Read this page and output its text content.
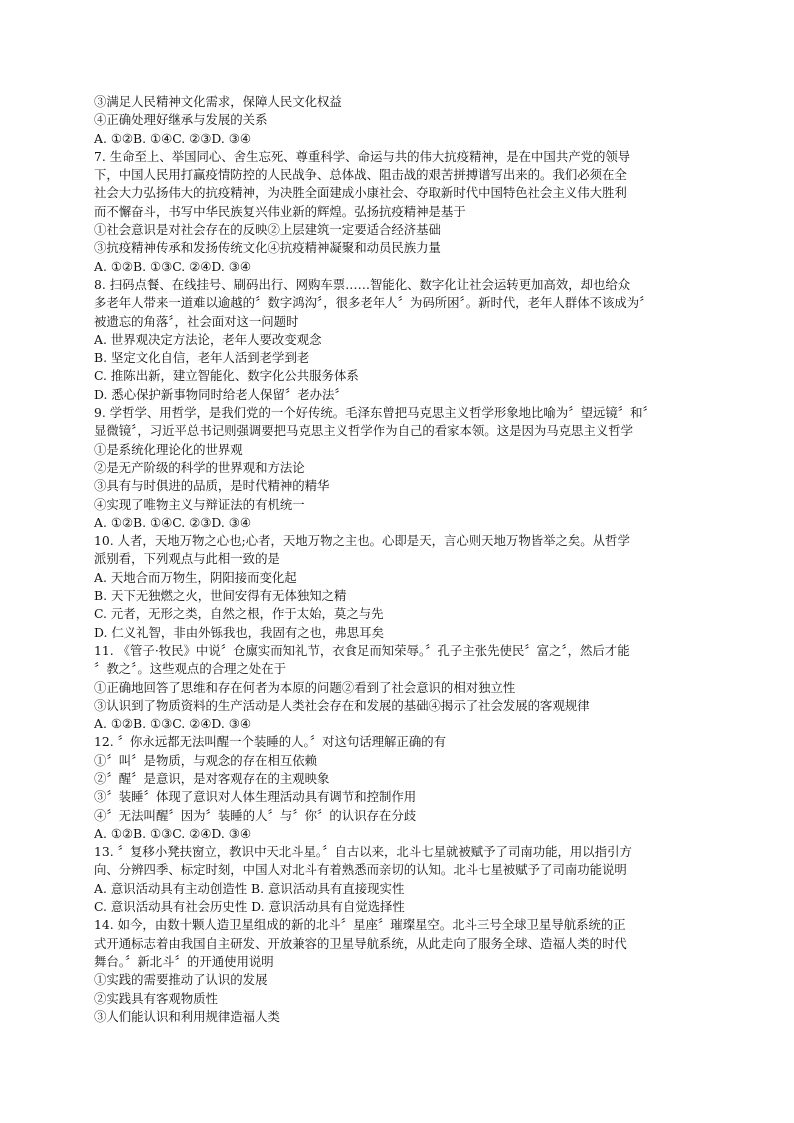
③满足人民精神文化需求，保障人民文化权益
④正确处理好继承与发展的关系
A. ①②B. ①④C. ②③D. ③④
7. 生命至上、举国同心、舍生忘死、尊重科学、命运与共的伟大抗疫精神，是在中国共产党的领导
下，中国人民用打赢疫情防控的人民战争、总体战、阻击战的艰苦拼搏谱写出来的。我们必须在全
社会大力弘扬伟大的抗疫精神，为决胜全面建成小康社会、夺取新时代中国特色社会主义伟大胜利
而不懈奋斗，书写中华民族复兴伟业新的辉煌。弘扬抗疫精神是基于
①社会意识是对社会存在的反映②上层建筑一定要适合经济基础
③抗疫精神传承和发扬传统文化④抗疫精神凝聚和动员民族力量
A. ①②B. ①③C. ②④D. ③④
8. 扫码点餐、在线挂号、刷码出行、网购车票……智能化、数字化让社会运转更加高效，却也给众
多老年人带来一道难以逾越的〞数字鸿沟〞，很多老年人〞为码所困〞。新时代，老年人群体不该成为〞
被遗忘的角落〞，社会面对这一问题时
A. 世界观决定方法论，老年人要改变观念
B. 坚定文化自信，老年人活到老学到老
C. 推陈出新，建立智能化、数字化公共服务体系
D. 悉心保护新事物同时给老人保留〞老办法〞
9. 学哲学、用哲学，是我们党的一个好传统。毛泽东曾把马克思主义哲学形象地比喻为〞望远镜〞和〞
显微镜〞，习近平总书记则强调要把马克思主义哲学作为自己的看家本领。这是因为马克思主义哲学
①是系统化理论化的世界观
②是无产阶级的科学的世界观和方法论
③具有与时俱进的品质，是时代精神的精华
④实现了唯物主义与辩证法的有机统一
A. ①②B. ①④C. ②③D. ③④
10. 人者，天地万物之心也;心者，天地万物之主也。心即是天，言心则天地万物皆举之矣。从哲学
派别看，下列观点与此相一致的是
A. 天地合而万物生，阴阳接而变化起
B. 天下无独燃之火，世间安得有无体独知之精
C. 元者，无形之类，自然之根，作于太始，莫之与先
D. 仁义礼智，非由外铄我也，我固有之也，弗思耳矣
11. 《管子·牧民》中说〞仓廪实而知礼节，衣食足而知荣辱。〞孔子主张先使民〞富之〞，然后才能
〞教之〞。这些观点的合理之处在于
①正确地回答了思维和存在何者为本原的问题②看到了社会意识的相对独立性
③认识到了物质资料的生产活动是人类社会存在和发展的基础④揭示了社会发展的客观规律
A. ①②B. ①③C. ②④D. ③④
12. 〞你永远都无法叫醒一个装睡的人。〞对这句话理解正确的有
①〞叫〞是物质，与观念的存在相互依赖
②〞醒〞是意识，是对客观存在的主观映象
③〞装睡〞体现了意识对人体生理活动具有调节和控制作用
④〞无法叫醒〞因为〞装睡的人〞与〞你〞的认识存在分歧
A. ①②B. ①③C. ②④D. ③④
13. 〞复移小凳扶窗立，教识中天北斗星。〞自古以来，北斗七星就被赋予了司南功能，用以指引方
向、分辨四季、标定时刻，中国人对北斗有着熟悉而亲切的认知。北斗七星被赋予了司南功能说明
A. 意识活动具有主动创造性 B. 意识活动具有直接现实性
C. 意识活动具有社会历史性 D. 意识活动具有自觉选择性
14. 如今，由数十颗人造卫星组成的新的北斗〞星座〞璀璨星空。北斗三号全球卫星导航系统的正
式开通标志着由我国自主研发、开放兼容的卫星导航系统，从此走向了服务全球、造福人类的时代
舞台。〞新北斗〞的开通使用说明
①实践的需要推动了认识的发展
②实践具有客观物质性
③人们能认识和利用规律造福人类
